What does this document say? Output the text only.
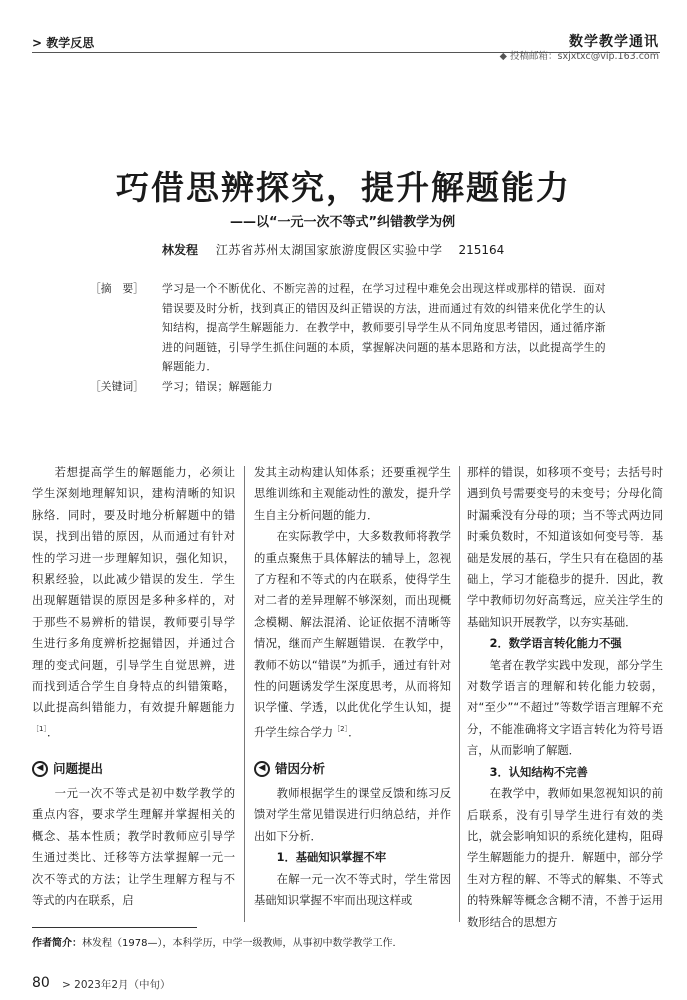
> 教学反思	数学教学通讯
◆ 投稿邮箱：sxjxtxc@vip.163.com
巧借思辨探究，提升解题能力
——以“一元一次不等式”纠错教学为例
林发程 江苏省苏州太湖国家旅游度假区实验中学 215164
［摘　要］	学习是一个不断优化、不断完善的过程，在学习过程中难免会出现这样或那样的错误．面对错误要及时分析，找到真正的错因及纠正错误的方法，进而通过有效的纠错来优化学生的认知结构，提高学生解题能力．在教学中，教师要引导学生从不同角度思考错因，通过循序渐进的问题链，引导学生抓住问题的本质，掌握解决问题的基本思路和方法，以此提高学生的解题能力．
［关键词］	学习；错误；解题能力

若想提高学生的解题能力，必须让学生深刻地理解知识，建构清晰的知识脉络．同时，要及时地分析解题中的错误，找到出错的原因，从而通过有针对性的学习进一步理解知识，强化知识，积累经验，以此减少错误的发生．学生出现解题错误的原因是多种多样的，对于那些不易辨析的错误，教师要引导学生进行多角度辨析挖掘错因，并通过合理的变式问题，引导学生自觉思辨，进而找到适合学生自身特点的纠错策略，以此提高纠错能力，有效提升解题能力$^{[1]}$．

◀ 问题提出

一元一次不等式是初中数学教学的重点内容，要求学生理解并掌握相关的概念、基本性质；教学时教师应引导学生通过类比、迁移等方法掌握解一元一次不等式的方法；让学生理解方程与不等式的内在联系，启

发其主动构建认知体系；还要重视学生思维训练和主观能动性的激发，提升学生自主分析问题的能力．

在实际教学中，大多数教师将教学的重点聚焦于具体解法的辅导上，忽视了方程和不等式的内在联系，使得学生对二者的差异理解不够深刻，而出现概念模糊、解法混淆、论证依据不清晰等情况，继而产生解题错误．在教学中，教师不妨以“错误”为抓手，通过有针对性的问题诱发学生深度思考，从而将知识学懂、学透，以此优化学生认知，提升学生综合学力$^{[2]}$．

◀ 错因分析

教师根据学生的课堂反馈和练习反馈对学生常见错误进行归纳总结，并作出如下分析．

1．基础知识掌握不牢

在解一元一次不等式时，学生常因基础知识掌握不牢而出现这样或

那样的错误，如移项不变号；去括号时遇到负号需要变号的未变号；分母化简时漏乘没有分母的项；当不等式两边同时乘负数时，不知道该如何变号等．基础是发展的基石，学生只有在稳固的基础上，学习才能稳步的提升．因此，教学中教师切勿好高骛远，应关注学生的基础知识开展教学，以夯实基础．

2．数学语言转化能力不强

笔者在教学实践中发现，部分学生对数学语言的理解和转化能力较弱，对“至少”“不超过”等数学语言理解不充分，不能准确将文字语言转化为符号语言，从而影响了解题．

3．认知结构不完善

在教学中，教师如果忽视知识的前后联系，没有引导学生进行有效的类比，就会影响知识的系统化建构，阻碍学生解题能力的提升．解题中，部分学生对方程的解、不等式的解集、不等式的特殊解等概念含糊不清，不善于运用数形结合的思想方

作者简介：林发程（1978—），本科学历，中学一级教师，从事初中数学教学工作．
80 > 2023年2月（中旬）
